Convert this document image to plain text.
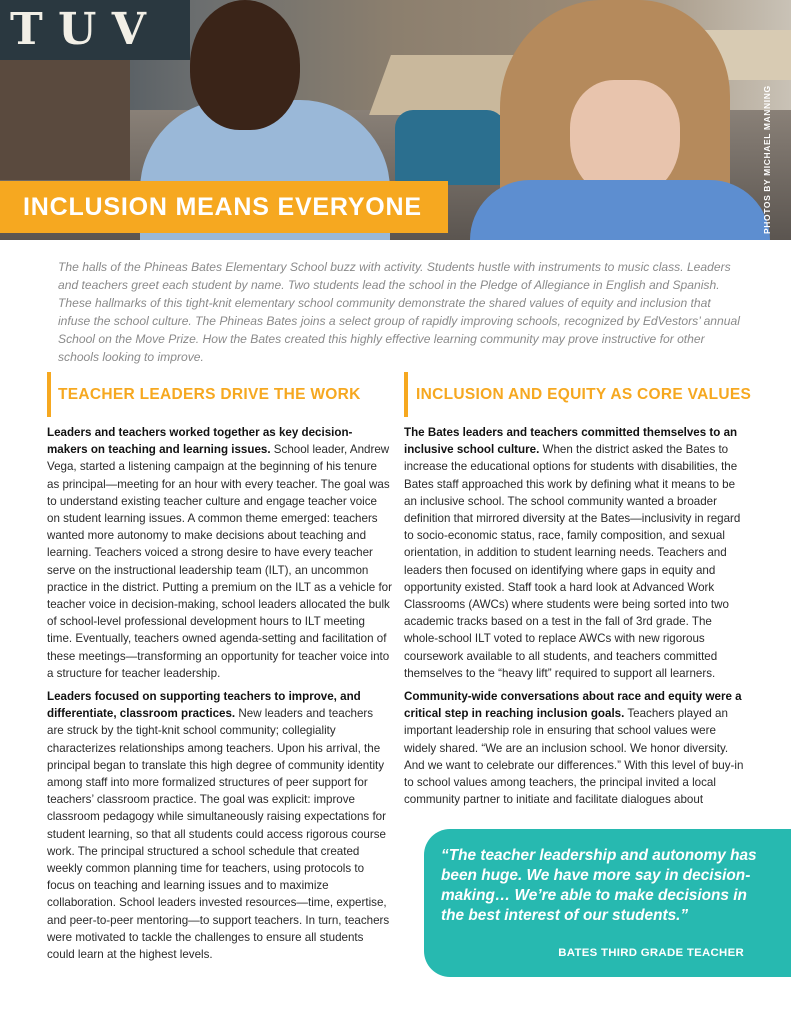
T U V
PHOTOS BY MICHAEL MANNING
INCLUSION MEANS EVERYONE

The halls of the Phineas Bates Elementary School buzz with activity. Students hustle with instruments to music class. Leaders and teachers greet each student by name. Two students lead the school in the Pledge of Allegiance in English and Spanish. These hallmarks of this tight-knit elementary school community demonstrate the shared values of equity and inclusion that infuse the school culture. The Phineas Bates joins a select group of rapidly improving schools, recognized by EdVestors’ annual School on the Move Prize. How the Bates created this highly effective learning community may prove instructive for other schools looking to improve.

TEACHER LEADERS DRIVE THE WORK

Leaders and teachers worked together as key decision-makers on teaching and learning issues. School leader, Andrew Vega, started a listening campaign at the beginning of his tenure as principal—meeting for an hour with every teacher. The goal was to understand existing teacher culture and engage teacher voice on student learning issues. A common theme emerged: teachers wanted more autonomy to make decisions about teaching and learning. Teachers voiced a strong desire to have every teacher serve on the instructional leadership team (ILT), an uncommon practice in the district. Putting a premium on the ILT as a vehicle for teacher voice in decision-making, school leaders allocated the bulk of school-level professional development hours to ILT meeting time. Eventually, teachers owned agenda-setting and facilitation of these meetings—transforming an opportunity for teacher voice into a structure for teacher leadership.

Leaders focused on supporting teachers to improve, and differentiate, classroom practices. New leaders and teachers are struck by the tight-knit school community; collegiality characterizes relationships among teachers. Upon his arrival, the principal began to translate this high degree of community identity among staff into more formalized structures of peer support for teachers’ classroom practice. The goal was explicit: improve classroom pedagogy while simultaneously raising expectations for student learning, so that all students could access rigorous course work. The principal structured a school schedule that created weekly common planning time for teachers, using protocols to focus on teaching and learning issues and to maximize collaboration. School leaders invested resources—time, expertise, and peer-to-peer mentoring—to support teachers. In turn, teachers were motivated to tackle the challenges to ensure all students could learn at the highest levels.

INCLUSION AND EQUITY AS CORE VALUES

The Bates leaders and teachers committed themselves to an inclusive school culture. When the district asked the Bates to increase the educational options for students with disabilities, the Bates staff approached this work by defining what it means to be an inclusive school. The school community wanted a broader definition that mirrored diversity at the Bates—inclusivity in regard to socio-economic status, race, family composition, and sexual orientation, in addition to student learning needs. Teachers and leaders then focused on identifying where gaps in equity and opportunity existed. Staff took a hard look at Advanced Work Classrooms (AWCs) where students were being sorted into two academic tracks based on a test in the fall of 3rd grade. The whole-school ILT voted to replace AWCs with new rigorous coursework available to all students, and teachers committed themselves to the “heavy lift” required to support all learners.

Community-wide conversations about race and equity were a critical step in reaching inclusion goals. Teachers played an important leadership role in ensuring that school values were widely shared. “We are an inclusion school. We honor diversity. And we want to celebrate our differences.” With this level of buy-in to school values among teachers, the principal invited a local community partner to initiate and facilitate dialogues about

“The teacher leadership and autonomy has been huge. We have more say in decision-making… We’re able to make decisions in the best interest of our students.”

BATES THIRD GRADE TEACHER
